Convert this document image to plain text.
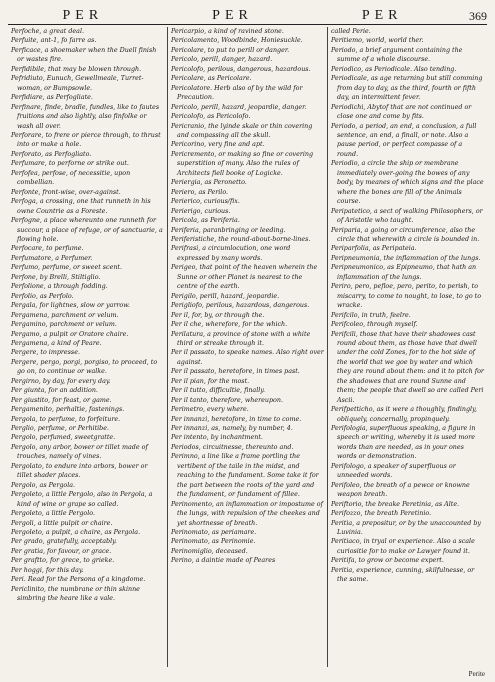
PER	PER	PER	369

Perfoche, a great deal.

Perfuite, ant-1, fo farre as.

Perficace, a shoemaker when the Duell finish or wastes fire.

Perfidibile, that may be blowen through.

Pefridiuto, Eunuch, Gewellmeale, Turret-woman, or Bumpsowle.

Perfidiare, as Perfogliate.

Perfinare, finde, bradle, fundles, like to fautes fruitions and also lightly, also finfolke or wash all over.

Perforare, to frere or pierce through, to thrust into or make a hole.

Perforato, as Perfogliato.

Perfumare, to perforne or strike out.

Perfofea, perfose, of necessitie, upon combellian.

Perfonte, front-wise, over-against.

Perfoga, a crossing, one that runneth in his owne Countrie as a Foreste.

Perfogne, a place whereunto one runneth for succour, a place of refuge, or of sanctuarie, a flowing hole.

Perfocare, to perfume.

Perfumatore, a Perfumer.

Perfumo, perfume, or sweet scent.

Perfone, by Brelli, Stiltiglio.

Perfolione, a through fodding.

Perfolio, as Perfolo.

Pergala, for lightnes, slow or yarrow.

Pergamena, parchment or velum.

Pergamino, parchment or velum.

Pergamo, a pulpit or Oratore chaire.

Pergamena, a kind of Peare.

Pergere, to impresse.

Pergere, pergo, porgi, porgiso, to proceed, to go on, to continue or walke.

Pergirno, by day, for every day.

Per giunta, for an addition.

Per giustito, for feast, or game.

Pergamenito, perhaltie, fastenings.

Pergola, to perfume, to forfeiture.

Perglio, perfume, or Perhitibe.

Pergolo, perfumed, sweetgratte.

Pergolo, any arbor, bower or tillet made of trouches, namely of vines.

Pergolato, to endure into arbors, bower or tillet shader places.

Pergolo, as Pergola.

Pergoleto, a little Pergolo, also in Pergola, a kind of wine or grape so called.

Pergoleto, a little Pergolo.

Pergoli, a little pulpit or chaire.

Pergoleto, a pulpit, a chaire, as Pergola.

Per grado, gratefully, acceptably.

Per gratia, for favour, or grace.

Per graftto, for grece, to grieke.

Per hoggi, for this day.

Peri. Read for the Persona of a kingdome.

Periclinito, the numbrane or thin skinne simbring the heare like a vale.

Pericarpio, a kind of ravined stone.

Pericolamento, Woodbinde, Honiesuckle.

Pericolare, to put to perill or danger.

Pericolo, perill, danger, hazard.

Pericolofo, perilous, dangerous, hazardous.

Pericolare, as Pericolare.

Pericolatore. Herb also of by the wild for Precaution.

Pericolo, perill, hazard, jeopardie, danger.

Pericolofo, as Pericolofo.

Pericranio, the lyinde skale or thin covering and compassing all the skull.

Pericorino, very fine and apt.

Pericremento, or making so fine or covering superstition of many. Also the rules of Architects fiell booke of Logicke.

Periergia, as Peronetto.

Periero, as Perilo.

Perierico, curious/fix.

Perierigo, curious.

Pericola, as Periferia.

Periferia, paranbringing or leeding.

Periferistiche, the round-about-borne-lines.

Perifrasi, a circumlocution, one word expressed by many words.

Perigeo, that point of the heaven wherein the Sunne or other Planet is nearest to the centre of the earth.

Perigilo, perill, hazard, jeopardie.

Perigliofo, perilous, hazardous, dangerous.

Per il, for, by, or through the.

Per il che, wherefore, for the which.

Perilatura, a province of stone with a white third or streake through it.

Per il passato, to speake names. Also right over against.

Per il passato, heretofore, in times past.

Per il pian, for the most.

Per il tutto, difficultie, finally.

Per il tanto, therefore, whereupon.

Perimetro, every where.

Per innanzi, heretofore, in time to come.

Per innanzi, as, namely, by number, 4.

Per intento, by inchantment.

Periodos, circuitnesse, thereunto and.

Perimno, a line like a frame portling the vertibent of the taile in the midst, and reaching to the fundament. Some take it for the part between the roots of the yard and the fundament, or fundament of fillee.

Perinomento, an inflammation or impostume of the lungs, with repulsion of the cheekes and yet shortnesse of breath.

Perinomato, as periamare.

Perinomato, as Perinomie.

Perinomiglio, deceased.

Perino, a daintie made of Peares

called Perie.

Peritiemo, world, world ther.

Periodo, a brief argument containing the summe of a whole discourse.

Periodico, as Periodicale. Also tending.

Periodicale, as age returning but still comming from day to day, as the third, fourth or fifth day, an intermittent fever.

Periodichi, Abytof that are not continued or close one and come by fits.

Periodo, a period, an end, a conclusion, a full sentence, an end, a finall, or note. Also a pause period, or perfect compasse of a round.

Periodio, a circle the ship or membrane immediately over-going the bowes of any body, by meanes of which signs and the place where the bones are fill of the Animals course.

Peripatetico, a sect of walking Philosophers, or of Aristotle who taught.

Periparia, a going or circumference, also the circle that wherewith a circle is bounded in.

Periparfolia, as Peripateia.

Peripneumonia, the inflammation of the lungs.

Peripneumonico, as Epipneumo, that hath an inflammation of the lungs.

Periro, pero, pefloe, pero, perito, to perish, to miscarry, to come to nought, to lose, to go to wracke.

Perifcilo, in truth, feelre.

Perifcoleo, through myself.

Perifcili, those that have their shadowes cast round about them, as those have that dwell under the cold Zones, for to the hot side of the world that we goe by water and which they are round about them: and it to pitch for the shadowes that are round Sunne and them; the people that dwell so are called Peri Ascii.

Perifpetticho, as it were a thoughly, findingly, obliquely, concernally, propinquely.

Perifologia, superfluous speaking, a figure in speech or writing, whereby it is used more words than are needed, as in your ones words or demonstration.

Perifologo, a speaker of superfluous or unneeded words.

Perifoleo, the breath of a pewce or knowne weapon breath.

Periftorio, the breake Peretinia, as Alte.

Perifozzo, the breath Peretinio.

Peritia, a prepositur, or by the unaccounted by Luvinia.

Peritiaco, in tryal or experience. Also a scale curiositie for to make or Lawyer found it.

Peritifa, to grow or become expert.

Peritia, experience, cunning, skilfulnesse, or the same.

Perite
